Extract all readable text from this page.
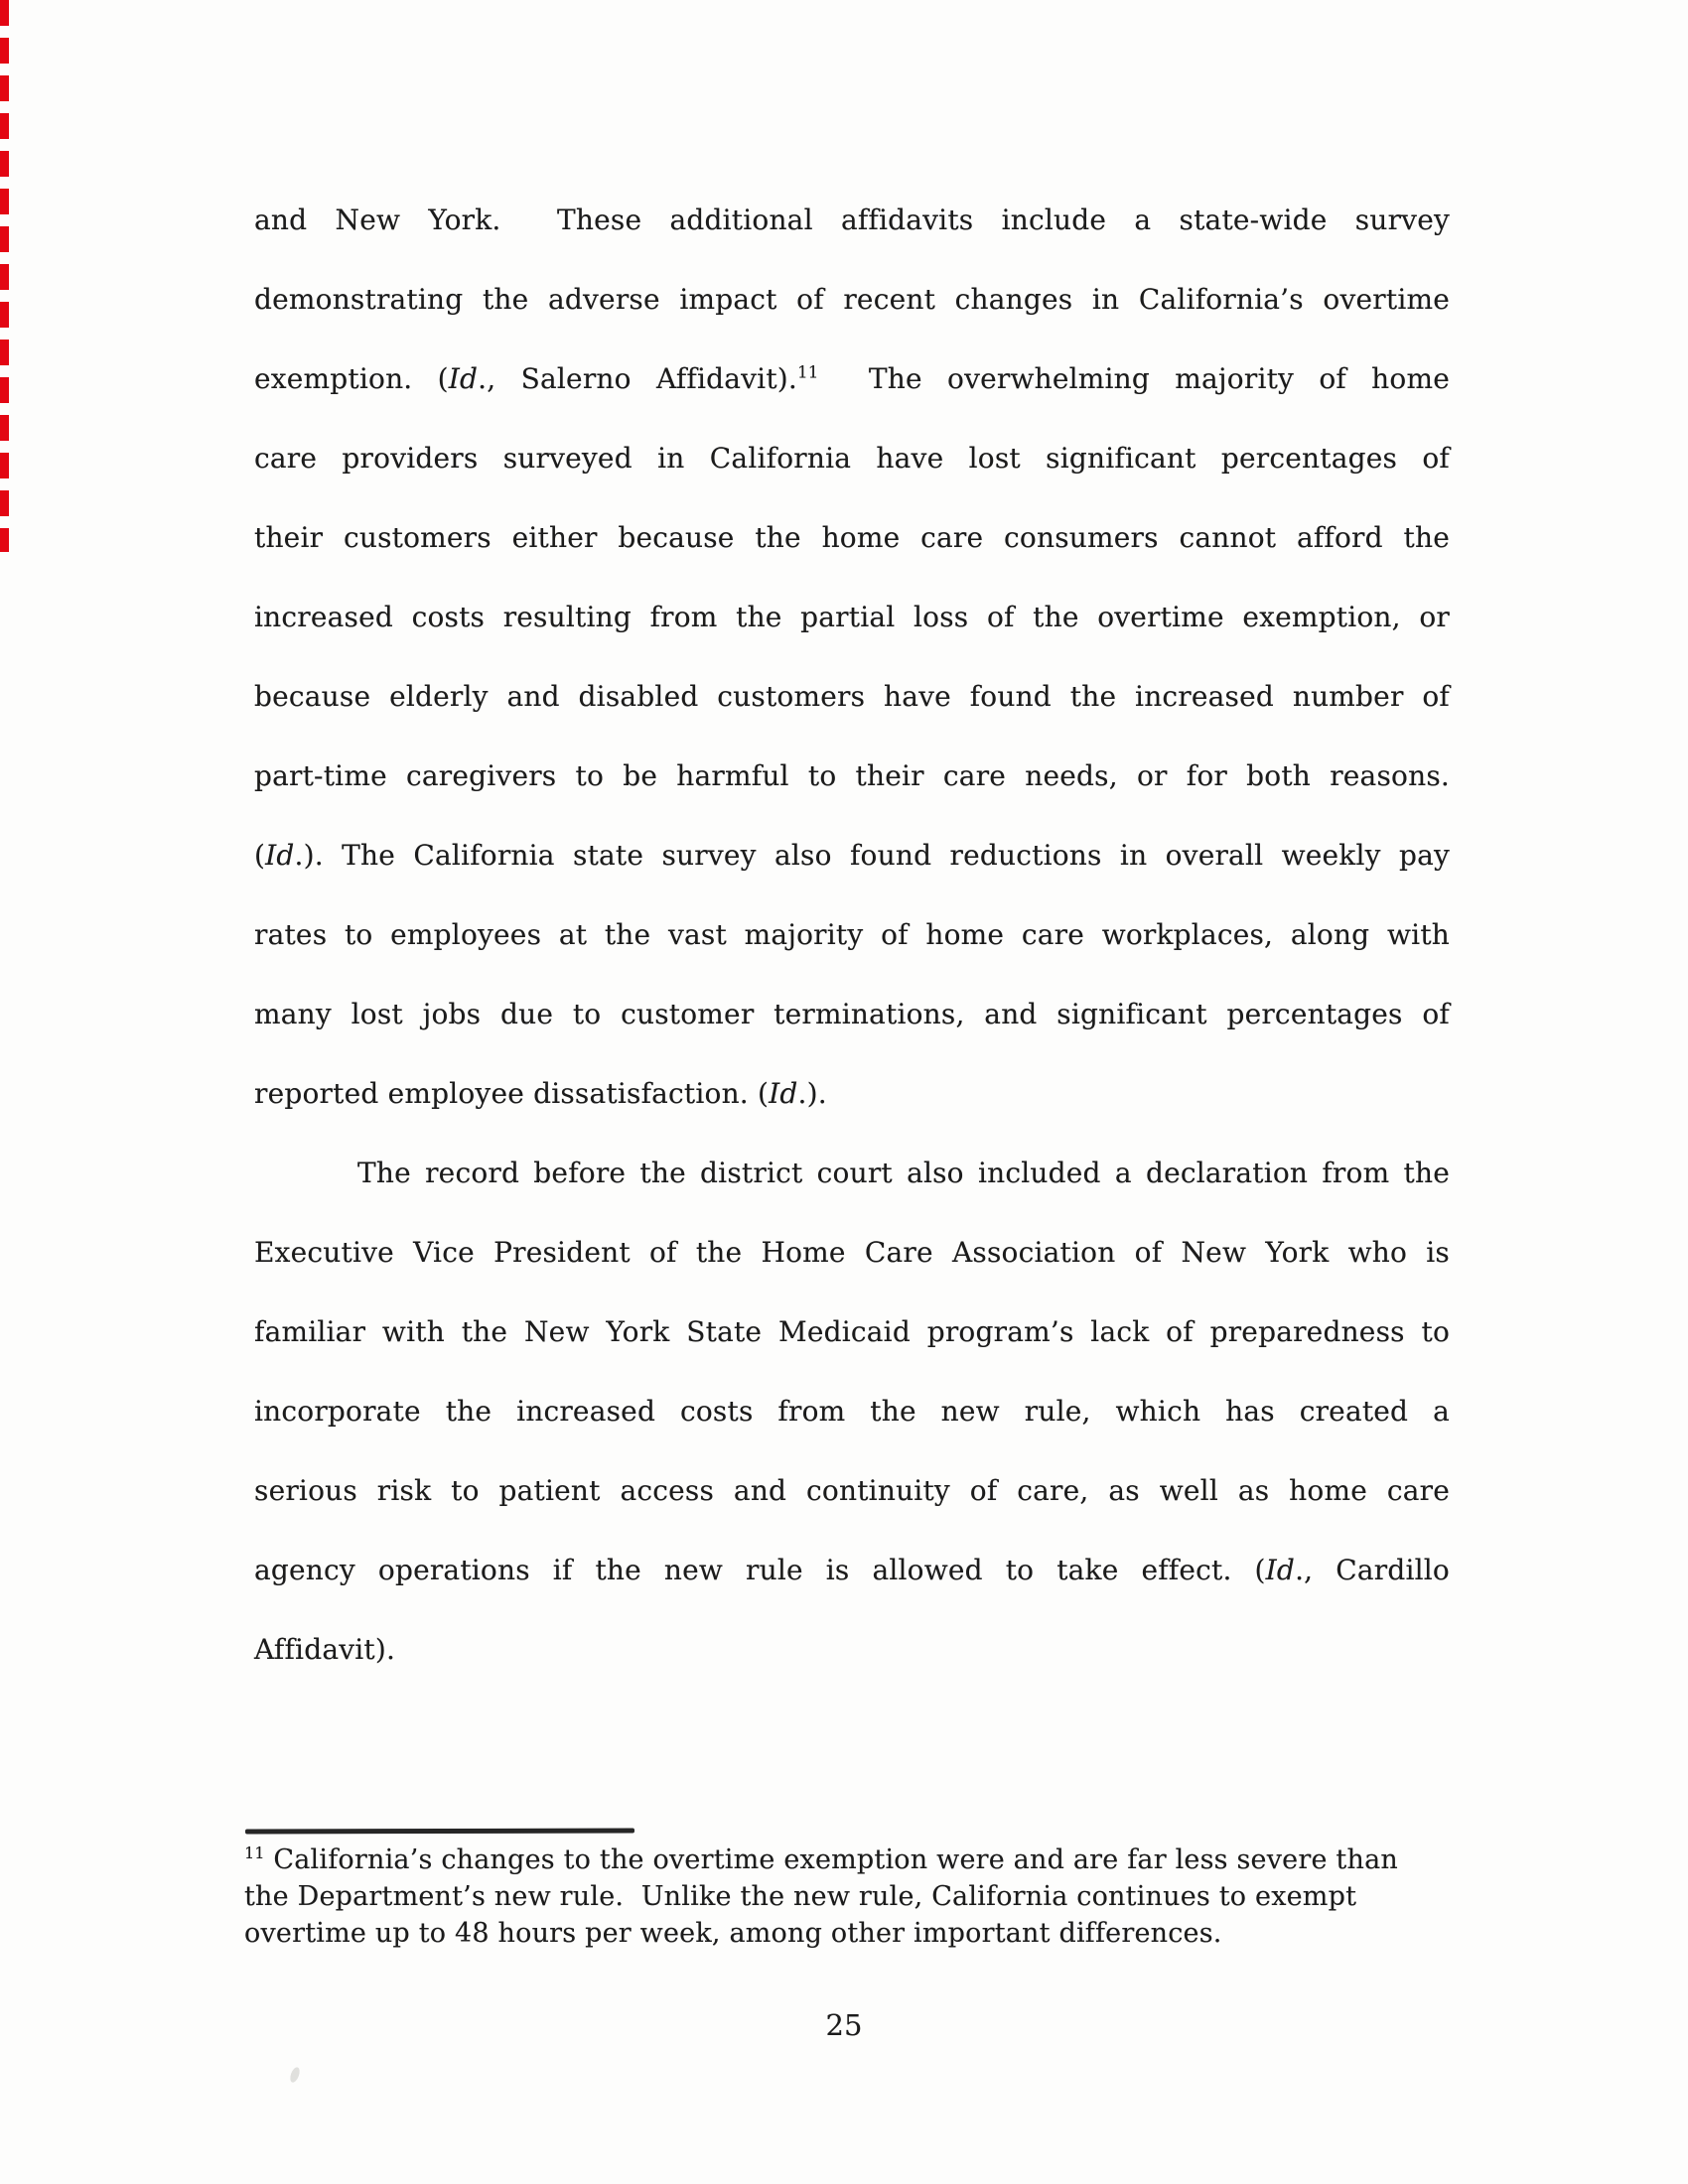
and New York.  These additional affidavits include a state-wide survey
demonstrating the adverse impact of recent changes in California’s overtime
exemption. (Id., Salerno Affidavit).$^{11}$  The overwhelming majority of home
care providers surveyed in California have lost significant percentages of
their customers either because the home care consumers cannot afford the
increased costs resulting from the partial loss of the overtime exemption, or
because elderly and disabled customers have found the increased number of
part-time caregivers to be harmful to their care needs, or for both reasons.
(Id.). The California state survey also found reductions in overall weekly pay
rates to employees at the vast majority of home care workplaces, along with
many lost jobs due to customer terminations, and significant percentages of
reported employee dissatisfaction. (Id.).
The record before the district court also included a declaration from the
Executive Vice President of the Home Care Association of New York who is
familiar with the New York State Medicaid program’s lack of preparedness to
incorporate the increased costs from the new rule, which has created a
serious risk to patient access and continuity of care, as well as home care
agency operations if the new rule is allowed to take effect. (Id., Cardillo
Affidavit).
$^{11}$ California’s changes to the overtime exemption were and are far less severe than
the Department’s new rule.  Unlike the new rule, California continues to exempt
overtime up to 48 hours per week, among other important differences.
25
